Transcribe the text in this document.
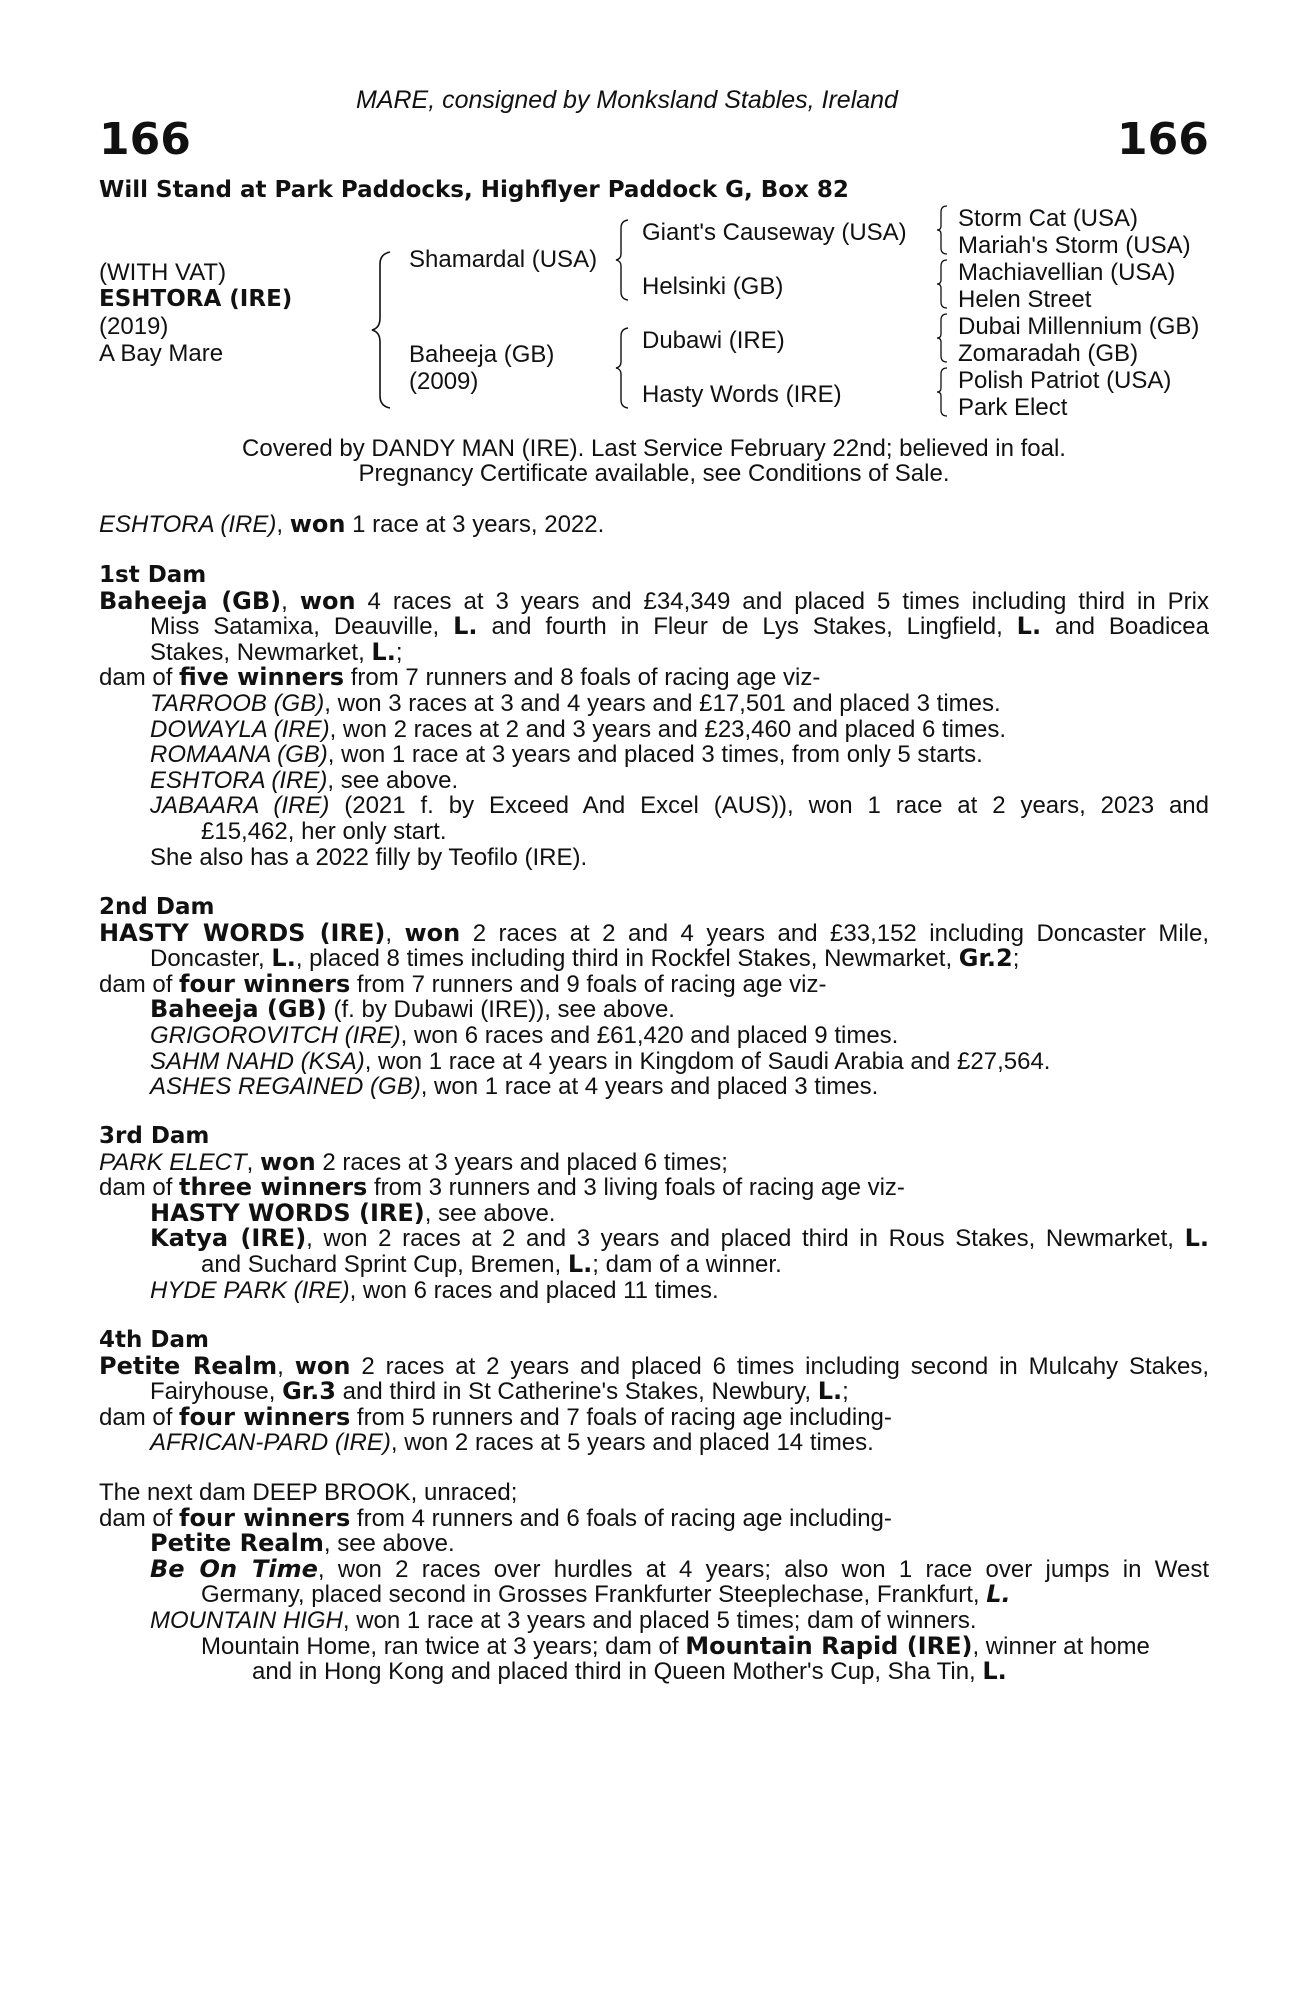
MARE, consigned by Monksland Stables, Ireland
166	166
Will Stand at Park Paddocks, Highflyer Paddock G, Box 82
(WITH VAT)
ESHTORA (IRE)
(2019)
A Bay Mare
Shamardal (USA)
Baheeja (GB)
(2009)
Giant's Causeway (USA)
Helsinki (GB)
Dubawi (IRE)
Hasty Words (IRE)
Storm Cat (USA)
Mariah's Storm (USA)
Machiavellian (USA)
Helen Street
Dubai Millennium (GB)
Zomaradah (GB)
Polish Patriot (USA)
Park Elect
Covered by DANDY MAN (IRE). Last Service February 22nd; believed in foal.
Pregnancy Certificate available, see Conditions of Sale.
ESHTORA (IRE), won 1 race at 3 years, 2022.
1st Dam
Baheeja (GB), won 4 races at 3 years and £34,349 and placed 5 times including third in Prix
Miss Satamixa, Deauville, L. and fourth in Fleur de Lys Stakes, Lingfield, L. and Boadicea
Stakes, Newmarket, L.;
dam of five winners from 7 runners and 8 foals of racing age viz-
TARROOB (GB), won 3 races at 3 and 4 years and £17,501 and placed 3 times.
DOWAYLA (IRE), won 2 races at 2 and 3 years and £23,460 and placed 6 times.
ROMAANA (GB), won 1 race at 3 years and placed 3 times, from only 5 starts.
ESHTORA (IRE), see above.
JABAARA (IRE) (2021 f. by Exceed And Excel (AUS)), won 1 race at 2 years, 2023 and
£15,462, her only start.
She also has a 2022 filly by Teofilo (IRE).
2nd Dam
HASTY WORDS (IRE), won 2 races at 2 and 4 years and £33,152 including Doncaster Mile,
Doncaster, L., placed 8 times including third in Rockfel Stakes, Newmarket, Gr.2;
dam of four winners from 7 runners and 9 foals of racing age viz-
Baheeja (GB) (f. by Dubawi (IRE)), see above.
GRIGOROVITCH (IRE), won 6 races and £61,420 and placed 9 times.
SAHM NAHD (KSA), won 1 race at 4 years in Kingdom of Saudi Arabia and £27,564.
ASHES REGAINED (GB), won 1 race at 4 years and placed 3 times.
3rd Dam
PARK ELECT, won 2 races at 3 years and placed 6 times;
dam of three winners from 3 runners and 3 living foals of racing age viz-
HASTY WORDS (IRE), see above.
Katya (IRE), won 2 races at 2 and 3 years and placed third in Rous Stakes, Newmarket, L.
and Suchard Sprint Cup, Bremen, L.; dam of a winner.
HYDE PARK (IRE), won 6 races and placed 11 times.
4th Dam
Petite Realm, won 2 races at 2 years and placed 6 times including second in Mulcahy Stakes,
Fairyhouse, Gr.3 and third in St Catherine's Stakes, Newbury, L.;
dam of four winners from 5 runners and 7 foals of racing age including-
AFRICAN-PARD (IRE), won 2 races at 5 years and placed 14 times.
The next dam DEEP BROOK, unraced;
dam of four winners from 4 runners and 6 foals of racing age including-
Petite Realm, see above.
Be On Time, won 2 races over hurdles at 4 years; also won 1 race over jumps in West
Germany, placed second in Grosses Frankfurter Steeplechase, Frankfurt, L.
MOUNTAIN HIGH, won 1 race at 3 years and placed 5 times; dam of winners.
Mountain Home, ran twice at 3 years; dam of Mountain Rapid (IRE), winner at home
and in Hong Kong and placed third in Queen Mother's Cup, Sha Tin, L.
